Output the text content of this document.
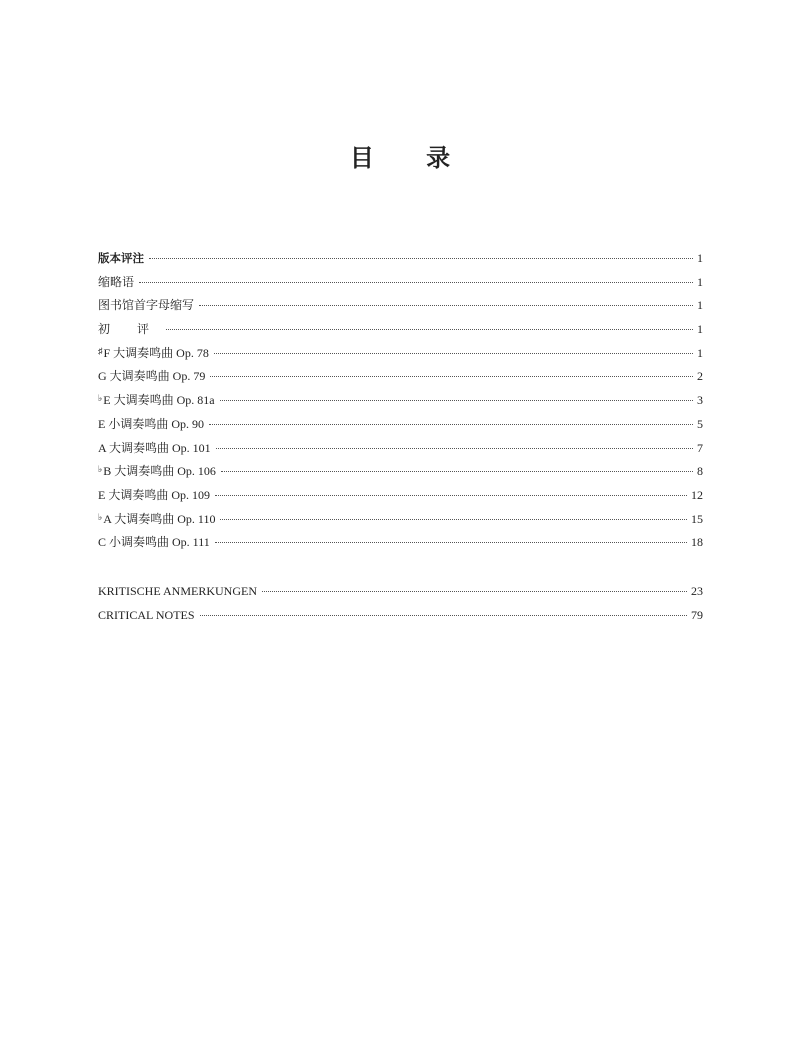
目 录
版本评注	1
缩略语	1
图书馆首字母缩写	1
初 评	1
♯F 大调奏鸣曲 Op. 78	1
G 大调奏鸣曲 Op. 79	2
♭E 大调奏鸣曲 Op. 81a	3
E 小调奏鸣曲 Op. 90	5
A 大调奏鸣曲 Op. 101	7
♭B 大调奏鸣曲 Op. 106	8
E 大调奏鸣曲 Op. 109	12
♭A 大调奏鸣曲 Op. 110	15
C 小调奏鸣曲 Op. 111	18
KRITISCHE ANMERKUNGEN	23
CRITICAL NOTES	79
